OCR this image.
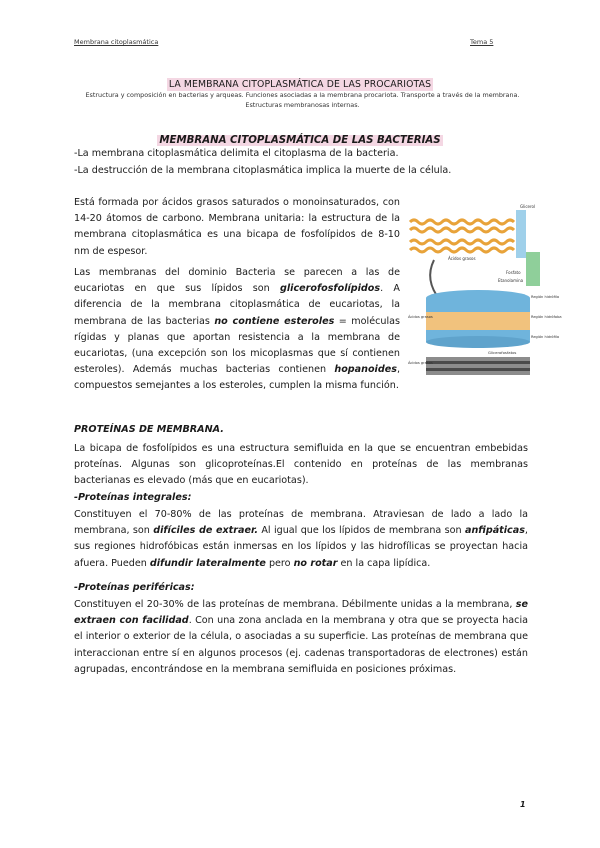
Membrana citoplasmática	Tema 5
LA MEMBRANA CITOPLASMÁTICA DE LAS PROCARIOTAS
Estructura y composición en bacterias y arqueas. Funciones asociadas a la membrana procariota. Transporte a través de la membrana. Estructuras membranosas internas.
MEMBRANA CITOPLASMÁTICA DE LAS BACTERIAS

-La membrana citoplasmática delimita el citoplasma de la bacteria.

-La destrucción de la membrana citoplasmática implica la muerte de la célula.

Está formada por ácidos grasos saturados o monoinsaturados, con 14-20 átomos de carbono. Membrana unitaria: la estructura de la membrana citoplasmática es una bicapa de fosfolípidos de 8-10 nm de espesor.

Las membranas del dominio Bacteria se parecen a las de eucariotas en que sus lípidos son glicerofosfolípidos. A diferencia de la membrana citoplasmática de eucariotas, la membrana de las bacterias no contiene esteroles = moléculas rígidas y planas que aportan resistencia a la membrana de eucariotas, (una excepción son los micoplasmas que sí contienen esteroles). Además muchas bacterias contienen hopanoides, compuestos semejantes a los esteroles, cumplen la misma función.

Glicerol
Ácidos grasos
Fosfato
Etanolamina
Región hidrófila
Región hidrófoba
Región hidrófila
Ácidos grasos
Glicerofosfatos
Ácidos grasos
PROTEÍNAS DE MEMBRANA.

La bicapa de fosfolípidos es una estructura semifluida en la que se encuentran embebidas proteínas. Algunas son glicoproteínas.El contenido en proteínas de las membranas bacterianas es elevado (más que en eucariotas).

-Proteínas integrales:

Constituyen el 70-80% de las proteínas de membrana. Atraviesan de lado a lado la membrana, son difíciles de extraer. Al igual que los lípidos de membrana son anfipáticas, sus regiones hidrofóbicas están inmersas en los lípidos y las hidrofílicas se proyectan hacia afuera. Pueden difundir lateralmente pero no rotar en la capa lipídica.

-Proteínas periféricas:

Constituyen el 20-30% de las proteínas de membrana. Débilmente unidas a la membrana, se extraen con facilidad. Con una zona anclada en la membrana y otra que se proyecta hacia el interior o exterior de la célula, o asociadas a su superficie. Las proteínas de membrana que interaccionan entre sí en algunos procesos (ej. cadenas transportadoras de electrones) están agrupadas, encontrándose en la membrana semifluida en posiciones próximas.

1
